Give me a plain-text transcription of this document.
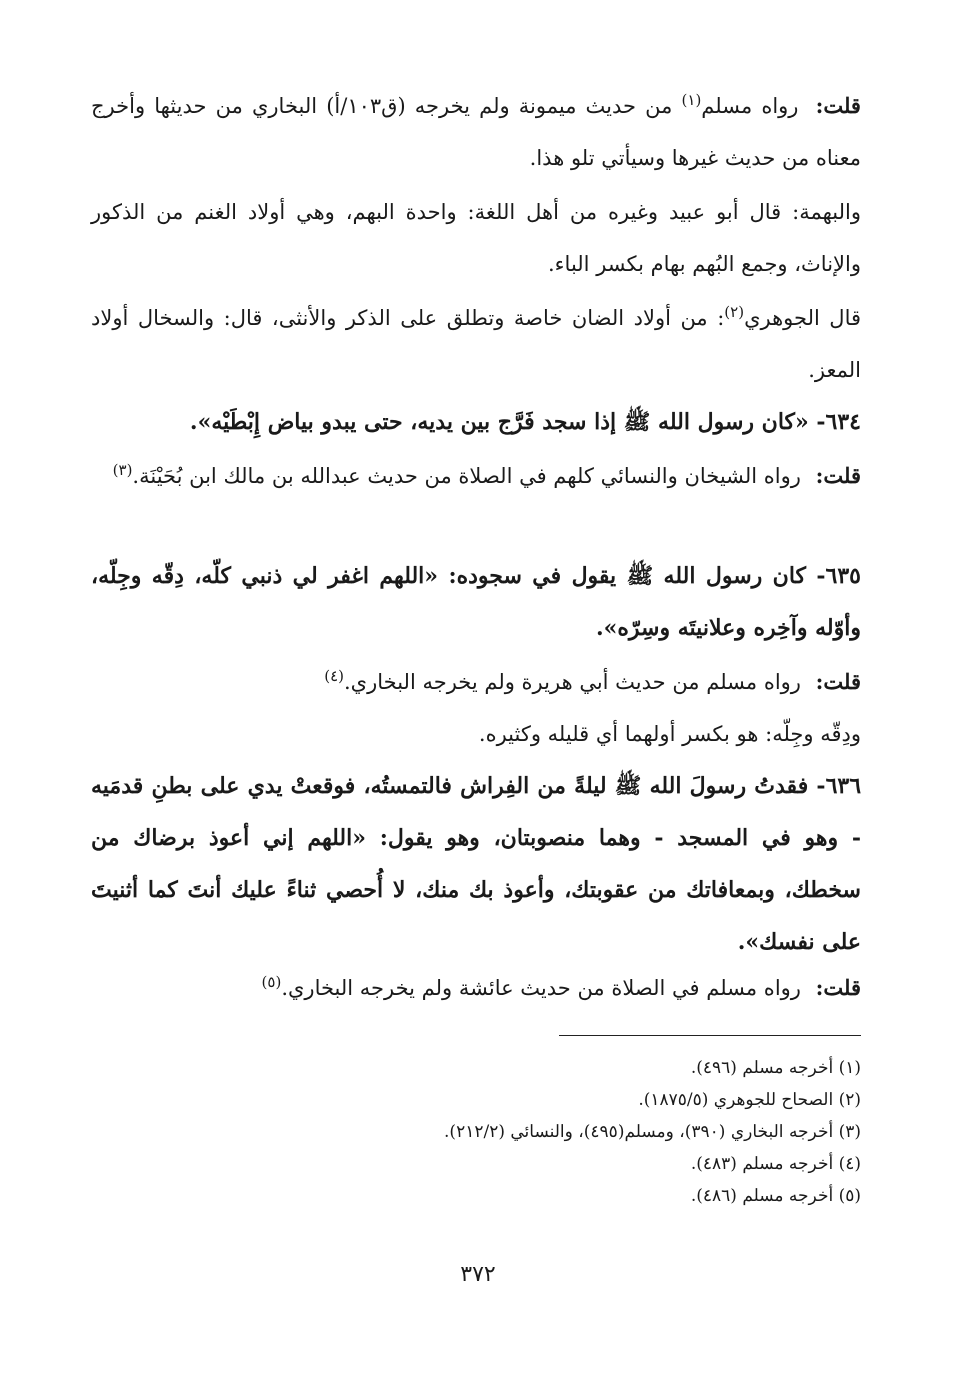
قلت: رواه مسلم$^{(١)}$ من حديث ميمونة ولم يخرجه (ق١٠٣/أ) البخاري من حديثها وأخرج معناه من حديث غيرها وسيأتي تلو هذا.
والبهمة: قال أبو عبيد وغيره من أهل اللغة: واحدة البهم، وهي أولاد الغنم من الذكور والإناث، وجمع البُهم بهام بكسر الباء.
قال الجوهري$^{(٢)}$: من أولاد الضان خاصة وتطلق على الذكر والأنثى، قال: والسخال أولاد المعز.
٦٣٤- «كان رسول الله ﷺ إذا سجد فَرَّج بين يديه، حتى يبدو بياض إِبْطَيْه».
قلت: رواه الشيخان والنسائي كلهم في الصلاة من حديث عبدالله بن مالك ابن بُحَيْنَة.$^{(٣)}$
٦٣٥- كان رسول الله ﷺ يقول في سجوده: «اللهم اغفر لي ذنبي كلّه، دِقّه وجِلّه، وأوّله وآخِره وعلانيتَه وسِرّه».
قلت: رواه مسلم من حديث أبي هريرة ولم يخرجه البخاري.$^{(٤)}$
ودِقّه وجِلّه: هو بكسر أولهما أي قليله وكثيره.
٦٣٦- فقدتُ رسولَ الله ﷺ ليلةً من الفِراش فالتمستُه، فوقعتْ يدي على بطنِ قدمَيه - وهو في المسجد - وهما منصوبتان، وهو يقول: «اللهم إني أعوذ برضاك من سخطك، وبمعافاتك من عقوبتك، وأعوذ بك منك، لا أُحصي ثناءً عليك أنتَ كما أثنيتَ على نفسك».
قلت: رواه مسلم في الصلاة من حديث عائشة ولم يخرجه البخاري.$^{(٥)}$
(١) أخرجه مسلم (٤٩٦).
(٢) الصحاح للجوهري (١٨٧٥/٥).
(٣) أخرجه البخاري (٣٩٠)، ومسلم(٤٩٥)، والنسائي (٢١٢/٢).
(٤) أخرجه مسلم (٤٨٣).
(٥) أخرجه مسلم (٤٨٦).
٣٧٢
